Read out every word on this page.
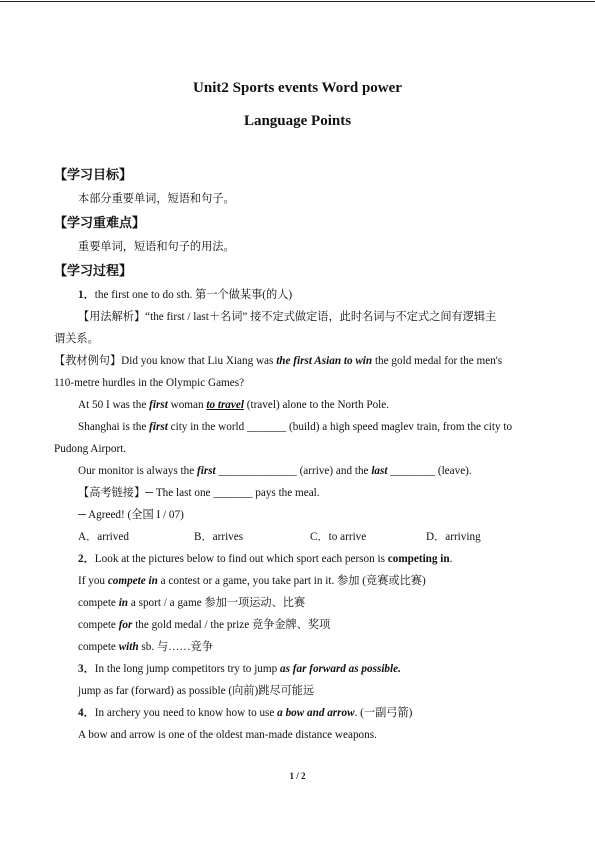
Unit2 Sports events Word power
Language Points
【学习目标】
本部分重要单词，短语和句子。
【学习重难点】
重要单词，短语和句子的用法。
【学习过程】
1．the first one to do sth. 第一个做某事(的人)
【用法解析】“the first / last＋名词” 接不定式做定语，此时名词与不定式之间有逻辑主
谓关系。
【教材例句】Did you know that Liu Xiang was the first Asian to win the gold medal for the men's
110-metre hurdles in the Olympic Games?
At 50 I was the first woman to travel (travel) alone to the North Pole.
Shanghai is the first city in the world _______ (build) a high speed maglev train, from the city to
Pudong Airport.
Our monitor is always the first ______________ (arrive) and the last ________ (leave).
【高考链接】─ The last one _______ pays the meal.
─ Agreed! (全国 I / 07)
A．arrived	B．arrives	C．to arrive	D．arriving
2．Look at the pictures below to find out which sport each person is competing in.
If you compete in a contest or a game, you take part in it. 参加 (竞赛或比赛)
compete in a sport / a game 参加一项运动、比赛
compete for the gold medal / the prize 竞争金牌、奖项
compete with sb. 与……竞争
3．In the long jump competitors try to jump as far forward as possible.
jump as far (forward) as possible (向前)跳尽可能远
4．In archery you need to know how to use a bow and arrow. (一副弓箭)
A bow and arrow is one of the oldest man-made distance weapons.
1 / 2
